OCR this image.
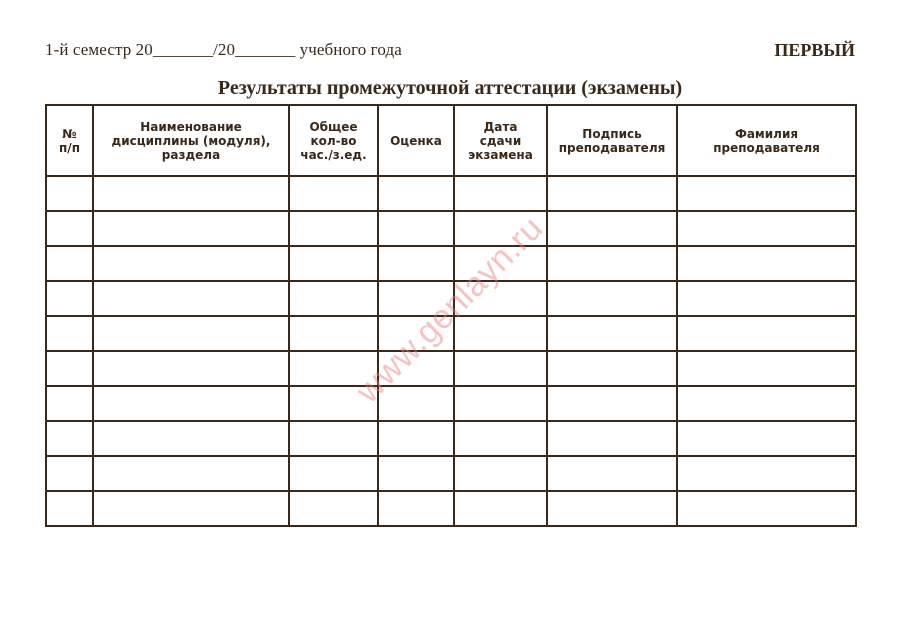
1-й семестр 20_______/20_______ учебного года	ПЕРВЫЙ
Результаты промежуточной аттестации (экзамены)
№
п/п	Наименование
дисциплины (модуля),
раздела	Общее
кол-во
час./з.ед.	Оценка	Дата
сдачи
экзамена	Подпись
преподавателя	Фамилия
преподавателя

www.genlayn.ru
